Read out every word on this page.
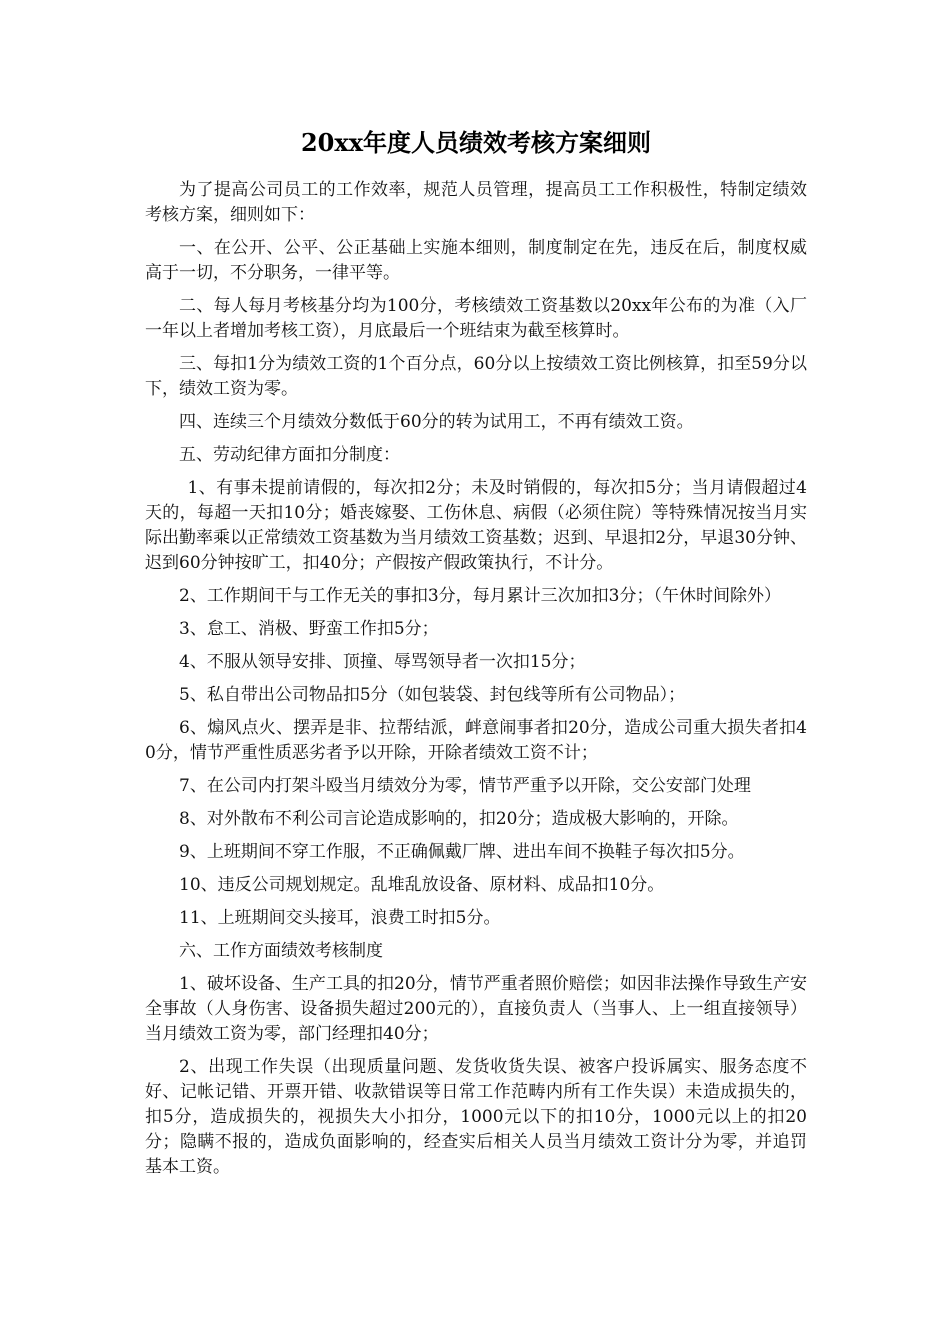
20xx年度人员绩效考核方案细则

为了提高公司员工的工作效率，规范人员管理，提高员工工作积极性，特制定绩效考核方案，细则如下：

一、在公开、公平、公正基础上实施本细则，制度制定在先，违反在后，制度权威高于一切，不分职务，一律平等。

二、每人每月考核基分均为100分，考核绩效工资基数以20xx年公布的为准（入厂一年以上者增加考核工资），月底最后一个班结束为截至核算时。

三、每扣1分为绩效工资的1个百分点，60分以上按绩效工资比例核算，扣至59分以下，绩效工资为零。

四、连续三个月绩效分数低于60分的转为试用工，不再有绩效工资。

五、劳动纪律方面扣分制度：

1、有事未提前请假的，每次扣2分；未及时销假的，每次扣5分；当月请假超过4天的，每超一天扣10分；婚丧嫁娶、工伤休息、病假（必须住院）等特殊情况按当月实际出勤率乘以正常绩效工资基数为当月绩效工资基数；迟到、早退扣2分，早退30分钟、迟到60分钟按旷工，扣40分；产假按产假政策执行，不计分。

2、工作期间干与工作无关的事扣3分，每月累计三次加扣3分；（午休时间除外）

3、怠工、消极、野蛮工作扣5分；

4、不服从领导安排、顶撞、辱骂领导者一次扣15分；

5、私自带出公司物品扣5分（如包装袋、封包线等所有公司物品）；

6、煽风点火、摆弄是非、拉帮结派，衅意闹事者扣20分，造成公司重大损失者扣40分，情节严重性质恶劣者予以开除，开除者绩效工资不计；

7、在公司内打架斗殴当月绩效分为零，情节严重予以开除，交公安部门处理

8、对外散布不利公司言论造成影响的，扣20分；造成极大影响的，开除。

9、上班期间不穿工作服，不正确佩戴厂牌、进出车间不换鞋子每次扣5分。

10、违反公司规划规定。乱堆乱放设备、原材料、成品扣10分。

11、上班期间交头接耳，浪费工时扣5分。

六、工作方面绩效考核制度

1、破坏设备、生产工具的扣20分，情节严重者照价赔偿；如因非法操作导致生产安全事故（人身伤害、设备损失超过200元的），直接负责人（当事人、上一组直接领导）当月绩效工资为零，部门经理扣40分；

2、出现工作失误（出现质量问题、发货收货失误、被客户投诉属实、服务态度不好、记帐记错、开票开错、收款错误等日常工作范畴内所有工作失误）未造成损失的，扣5分，造成损失的，视损失大小扣分，1000元以下的扣10分，1000元以上的扣20分；隐瞒不报的，造成负面影响的，经查实后相关人员当月绩效工资计分为零，并追罚基本工资。
